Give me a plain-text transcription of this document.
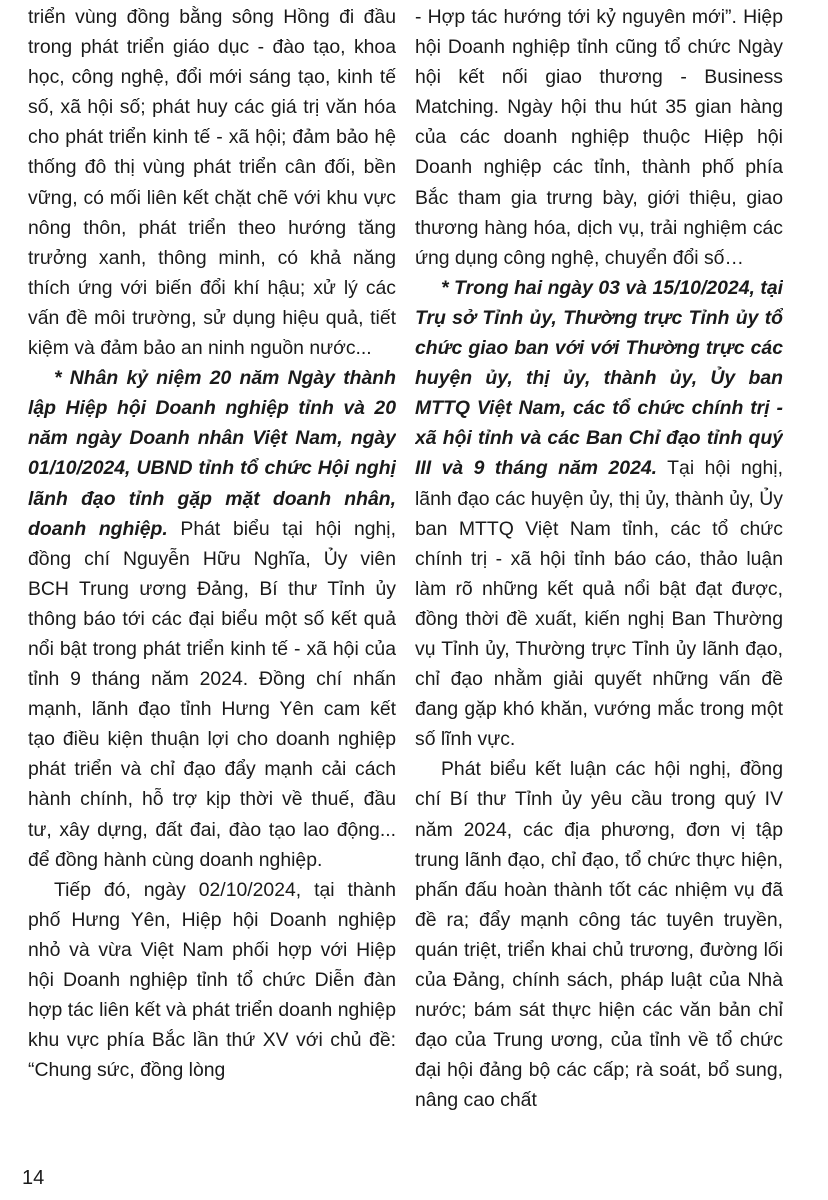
triển vùng đồng bằng sông Hồng đi đầu trong phát triển giáo dục - đào tạo, khoa học, công nghệ, đổi mới sáng tạo, kinh tế số, xã hội số; phát huy các giá trị văn hóa cho phát triển kinh tế - xã hội; đảm bảo hệ thống đô thị vùng phát triển cân đối, bền vững, có mối liên kết chặt chẽ với khu vực nông thôn, phát triển theo hướng tăng trưởng xanh, thông minh, có khả năng thích ứng với biến đổi khí hậu; xử lý các vấn đề môi trường, sử dụng hiệu quả, tiết kiệm và đảm bảo an ninh nguồn nước...

* Nhân kỷ niệm 20 năm Ngày thành lập Hiệp hội Doanh nghiệp tỉnh và 20 năm ngày Doanh nhân Việt Nam, ngày 01/10/2024, UBND tỉnh tổ chức Hội nghị lãnh đạo tỉnh gặp mặt doanh nhân, doanh nghiệp. Phát biểu tại hội nghị, đồng chí Nguyễn Hữu Nghĩa, Ủy viên BCH Trung ương Đảng, Bí thư Tỉnh ủy thông báo tới các đại biểu một số kết quả nổi bật trong phát triển kinh tế - xã hội của tỉnh 9 tháng năm 2024. Đồng chí nhấn mạnh, lãnh đạo tỉnh Hưng Yên cam kết tạo điều kiện thuận lợi cho doanh nghiệp phát triển và chỉ đạo đẩy mạnh cải cách hành chính, hỗ trợ kịp thời về thuế, đầu tư, xây dựng, đất đai, đào tạo lao động... để đồng hành cùng doanh nghiệp.

Tiếp đó, ngày 02/10/2024, tại thành phố Hưng Yên, Hiệp hội Doanh nghiệp nhỏ và vừa Việt Nam phối hợp với Hiệp hội Doanh nghiệp tỉnh tổ chức Diễn đàn hợp tác liên kết và phát triển doanh nghiệp khu vực phía Bắc lần thứ XV với chủ đề: “Chung sức, đồng lòng

- Hợp tác hướng tới kỷ nguyên mới”. Hiệp hội Doanh nghiệp tỉnh cũng tổ chức Ngày hội kết nối giao thương - Business Matching. Ngày hội thu hút 35 gian hàng của các doanh nghiệp thuộc Hiệp hội Doanh nghiệp các tỉnh, thành phố phía Bắc tham gia trưng bày, giới thiệu, giao thương hàng hóa, dịch vụ, trải nghiệm các ứng dụng công nghệ, chuyển đổi số…

* Trong hai ngày 03 và 15/10/2024, tại Trụ sở Tỉnh ủy, Thường trực Tỉnh ủy tổ chức giao ban với với Thường trực các huyện ủy, thị ủy, thành ủy, Ủy ban MTTQ Việt Nam, các tổ chức chính trị - xã hội tỉnh và các Ban Chỉ đạo tỉnh quý III và 9 tháng năm 2024. Tại hội nghị, lãnh đạo các huyện ủy, thị ủy, thành ủy, Ủy ban MTTQ Việt Nam tỉnh, các tổ chức chính trị - xã hội tỉnh báo cáo, thảo luận làm rõ những kết quả nổi bật đạt được, đồng thời đề xuất, kiến nghị Ban Thường vụ Tỉnh ủy, Thường trực Tỉnh ủy lãnh đạo, chỉ đạo nhằm giải quyết những vấn đề đang gặp khó khăn, vướng mắc trong một số lĩnh vực.

Phát biểu kết luận các hội nghị, đồng chí Bí thư Tỉnh ủy yêu cầu trong quý IV năm 2024, các địa phương, đơn vị tập trung lãnh đạo, chỉ đạo, tổ chức thực hiện, phấn đấu hoàn thành tốt các nhiệm vụ đã đề ra; đẩy mạnh công tác tuyên truyền, quán triệt, triển khai chủ trương, đường lối của Đảng, chính sách, pháp luật của Nhà nước; bám sát thực hiện các văn bản chỉ đạo của Trung ương, của tỉnh về tổ chức đại hội đảng bộ các cấp; rà soát, bổ sung, nâng cao chất

14
